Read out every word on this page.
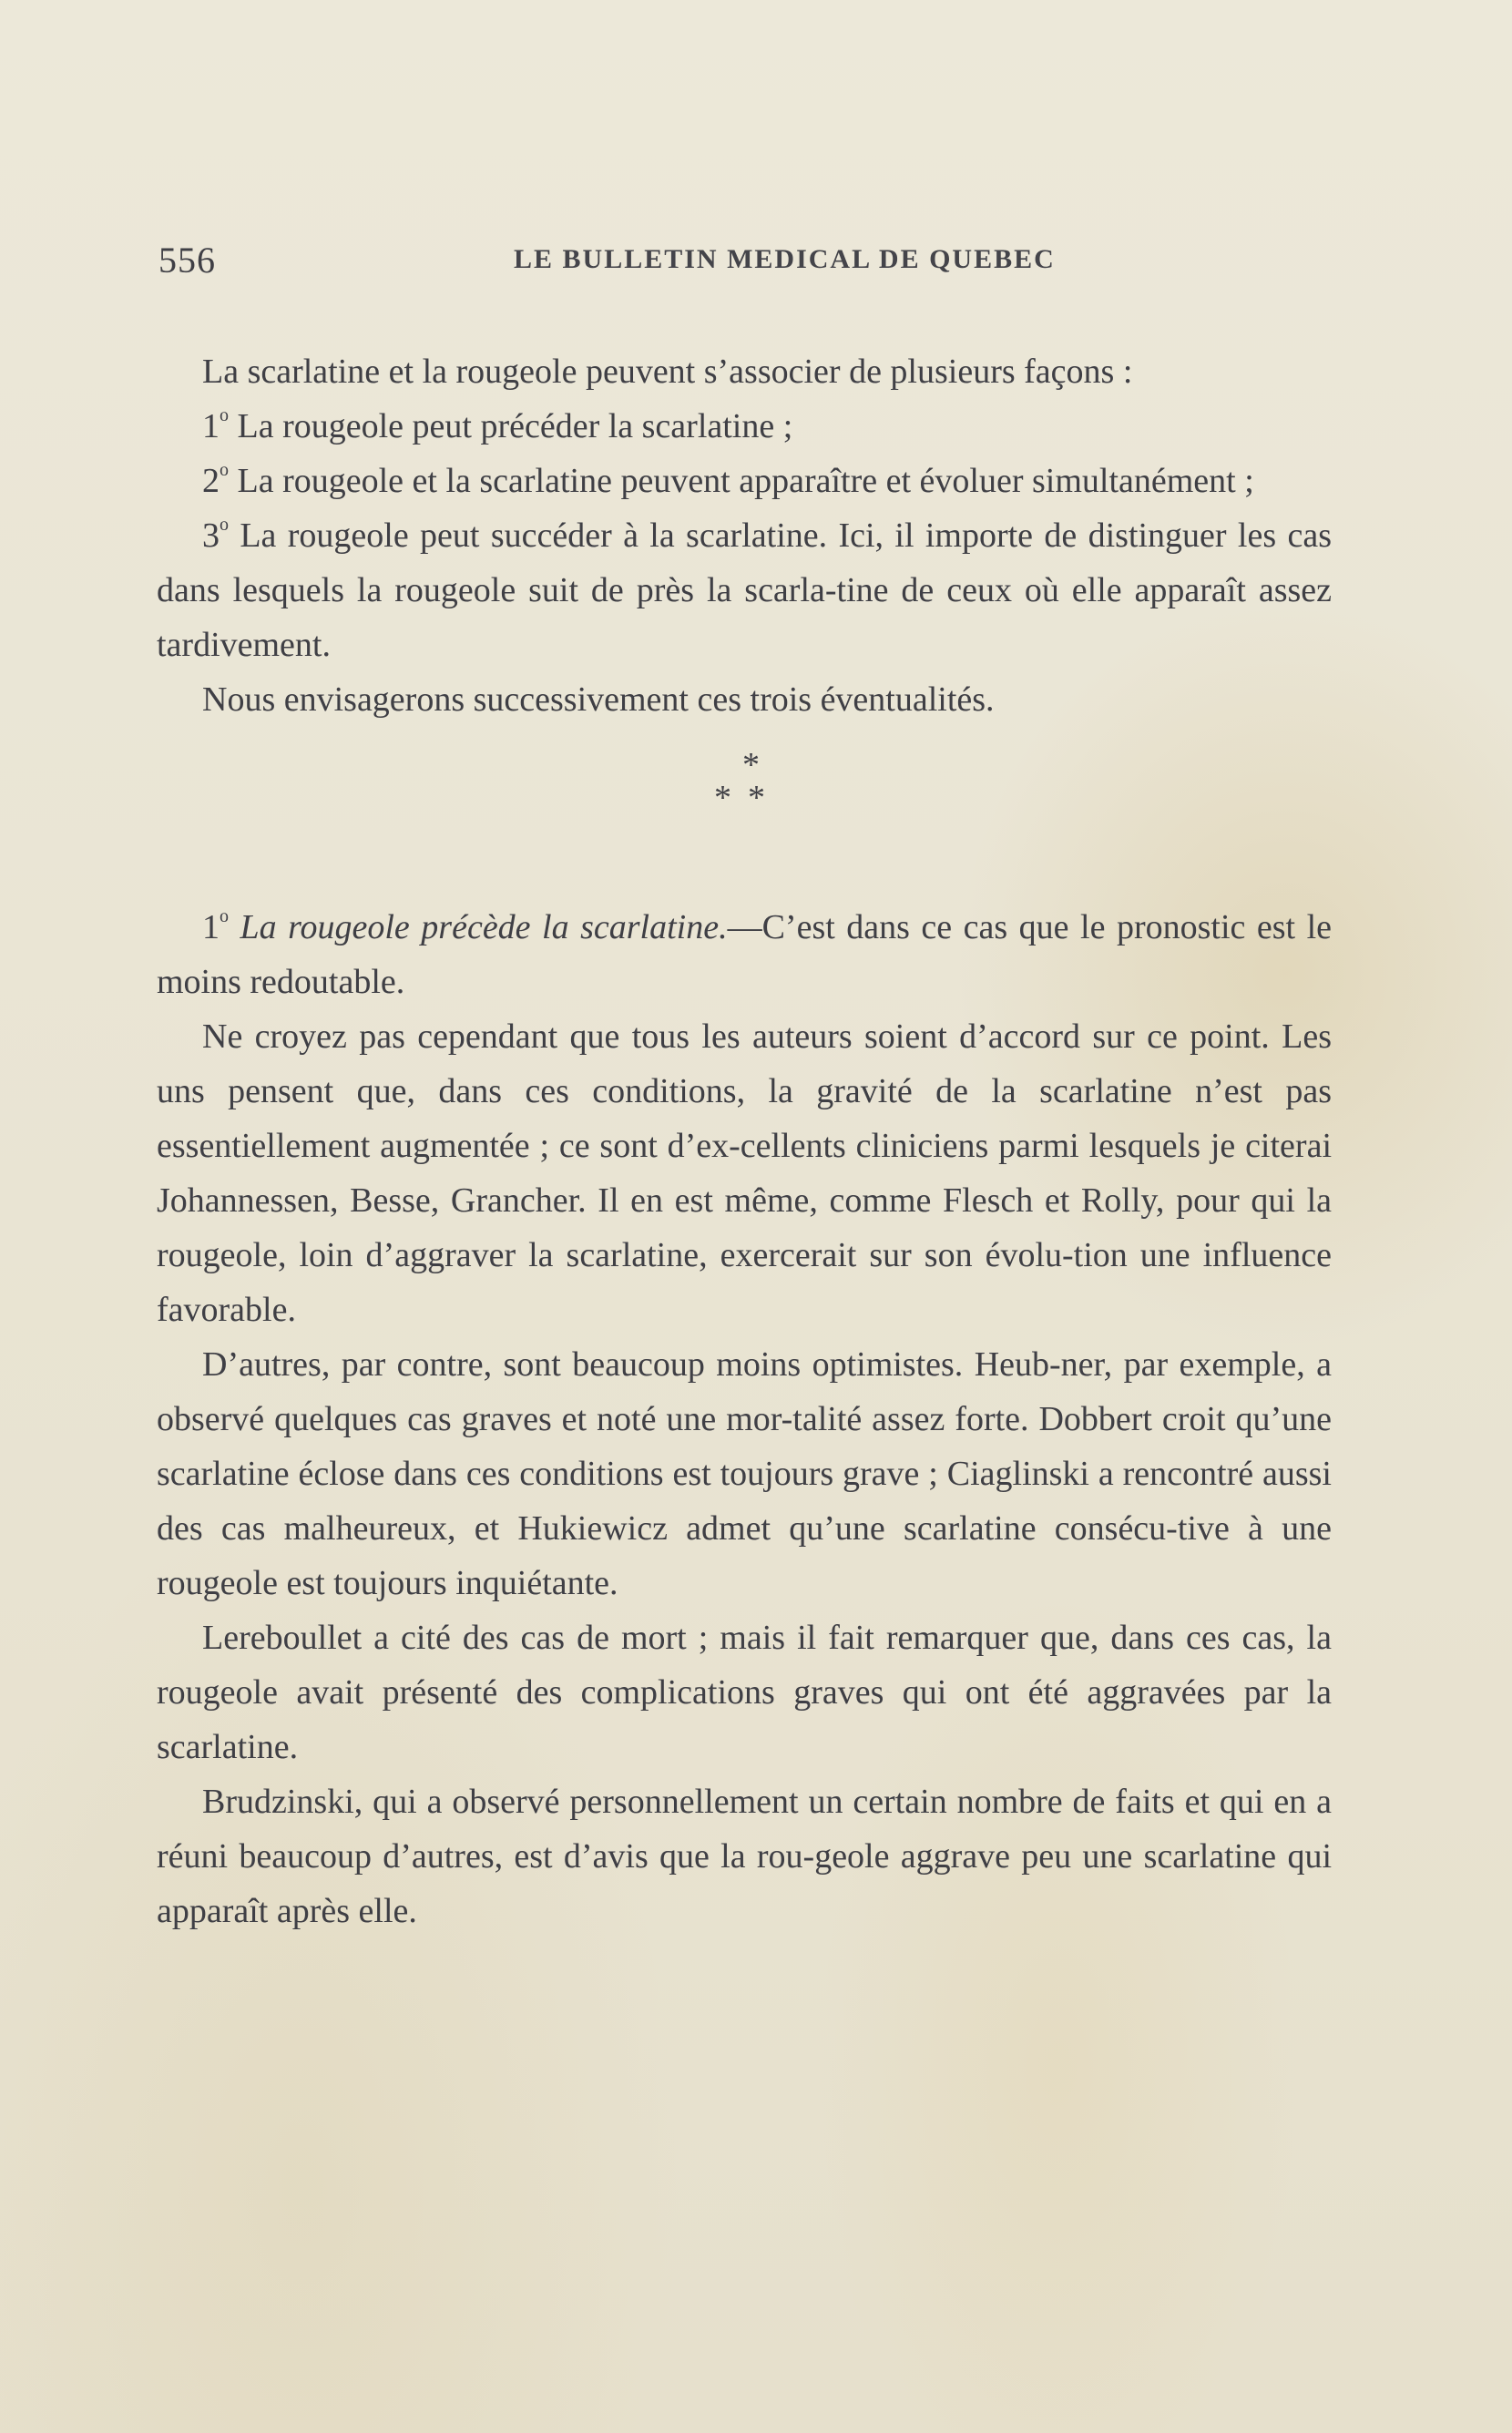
556	LE BULLETIN MEDICAL DE QUEBEC

La scarlatine et la rougeole peuvent s’associer de plusieurs façons :

1$^o$ La rougeole peut précéder la scarlatine ;

2$^o$ La rougeole et la scarlatine peuvent apparaître et évoluer simultanément ;

3$^o$ La rougeole peut succéder à la scarlatine. Ici, il importe de distinguer les cas dans lesquels la rougeole suit de près la scarla-tine de ceux où elle apparaît assez tardivement.

Nous envisagerons successivement ces trois éventualités.

*
**

1$^o$ La rougeole précède la scarlatine.—C’est dans ce cas que le pronostic est le moins redoutable.

Ne croyez pas cependant que tous les auteurs soient d’accord sur ce point. Les uns pensent que, dans ces conditions, la gravité de la scarlatine n’est pas essentiellement augmentée ; ce sont d’ex-cellents cliniciens parmi lesquels je citerai Johannessen, Besse, Grancher. Il en est même, comme Flesch et Rolly, pour qui la rougeole, loin d’aggraver la scarlatine, exercerait sur son évolu-tion une influence favorable.

D’autres, par contre, sont beaucoup moins optimistes. Heub-ner, par exemple, a observé quelques cas graves et noté une mor-talité assez forte. Dobbert croit qu’une scarlatine éclose dans ces conditions est toujours grave ; Ciaglinski a rencontré aussi des cas malheureux, et Hukiewicz admet qu’une scarlatine consécu-tive à une rougeole est toujours inquiétante.

Lereboullet a cité des cas de mort ; mais il fait remarquer que, dans ces cas, la rougeole avait présenté des complications graves qui ont été aggravées par la scarlatine.

Brudzinski, qui a observé personnellement un certain nombre de faits et qui en a réuni beaucoup d’autres, est d’avis que la rou-geole aggrave peu une scarlatine qui apparaît après elle.
